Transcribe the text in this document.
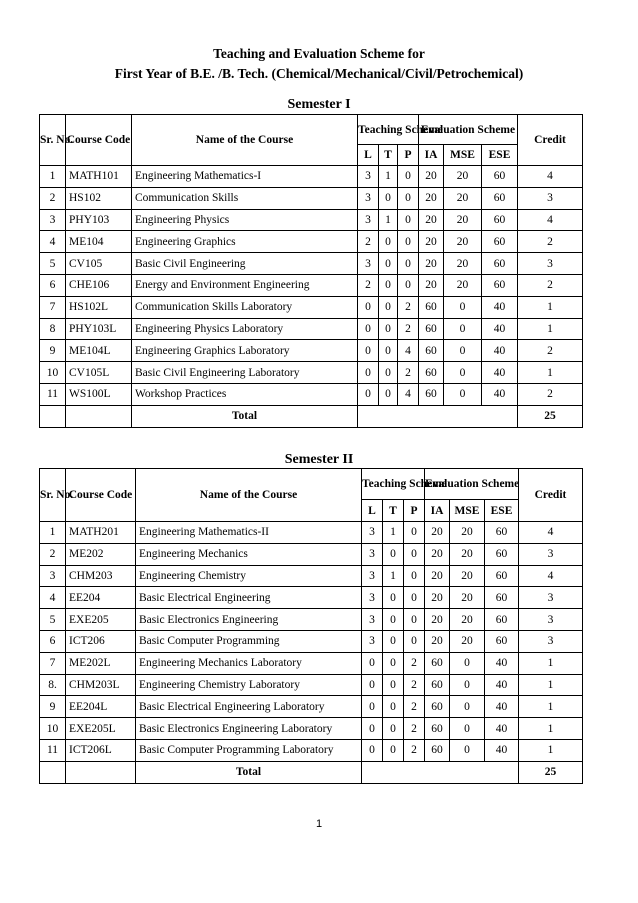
Teaching and Evaluation Scheme for
First Year of B.E. /B. Tech. (Chemical/Mechanical/Civil/Petrochemical)
Semester I
Sr. No.	Course Code	Name of the Course	Teaching Scheme			Evaluation Scheme			Credit
			L	T	P	IA	MSE	ESE	
1	MATH101	Engineering Mathematics-I	3	1	0	20	20	60	4
2	HS102	Communication Skills	3	0	0	20	20	60	3
3	PHY103	Engineering Physics	3	1	0	20	20	60	4
4	ME104	Engineering Graphics	2	0	0	20	20	60	2
5	CV105	Basic Civil Engineering	3	0	0	20	20	60	3
6	CHE106	Energy and Environment Engineering	2	0	0	20	20	60	2
7	HS102L	Communication Skills Laboratory	0	0	2	60	0	40	1
8	PHY103L	Engineering Physics Laboratory	0	0	2	60	0	40	1
9	ME104L	Engineering Graphics Laboratory	0	0	4	60	0	40	2
10	CV105L	Basic Civil Engineering Laboratory	0	0	2	60	0	40	1
11	WS100L	Workshop Practices	0	0	4	60	0	40	2
		Total							25
Semester II
Sr. No.	Course Code	Name of the Course	Teaching Scheme			Evaluation Scheme			Credit
			L	T	P	IA	MSE	ESE	
1	MATH201	Engineering Mathematics-II	3	1	0	20	20	60	4
2	ME202	Engineering Mechanics	3	0	0	20	20	60	3
3	CHM203	Engineering Chemistry	3	1	0	20	20	60	4
4	EE204	Basic Electrical Engineering	3	0	0	20	20	60	3
5	EXE205	Basic Electronics Engineering	3	0	0	20	20	60	3
6	ICT206	Basic Computer Programming	3	0	0	20	20	60	3
7	ME202L	Engineering Mechanics Laboratory	0	0	2	60	0	40	1
8.	CHM203L	Engineering Chemistry Laboratory	0	0	2	60	0	40	1
9	EE204L	Basic Electrical Engineering Laboratory	0	0	2	60	0	40	1
10	EXE205L	Basic Electronics Engineering Laboratory	0	0	2	60	0	40	1
11	ICT206L	Basic Computer Programming Laboratory	0	0	2	60	0	40	1
		Total							25
1
